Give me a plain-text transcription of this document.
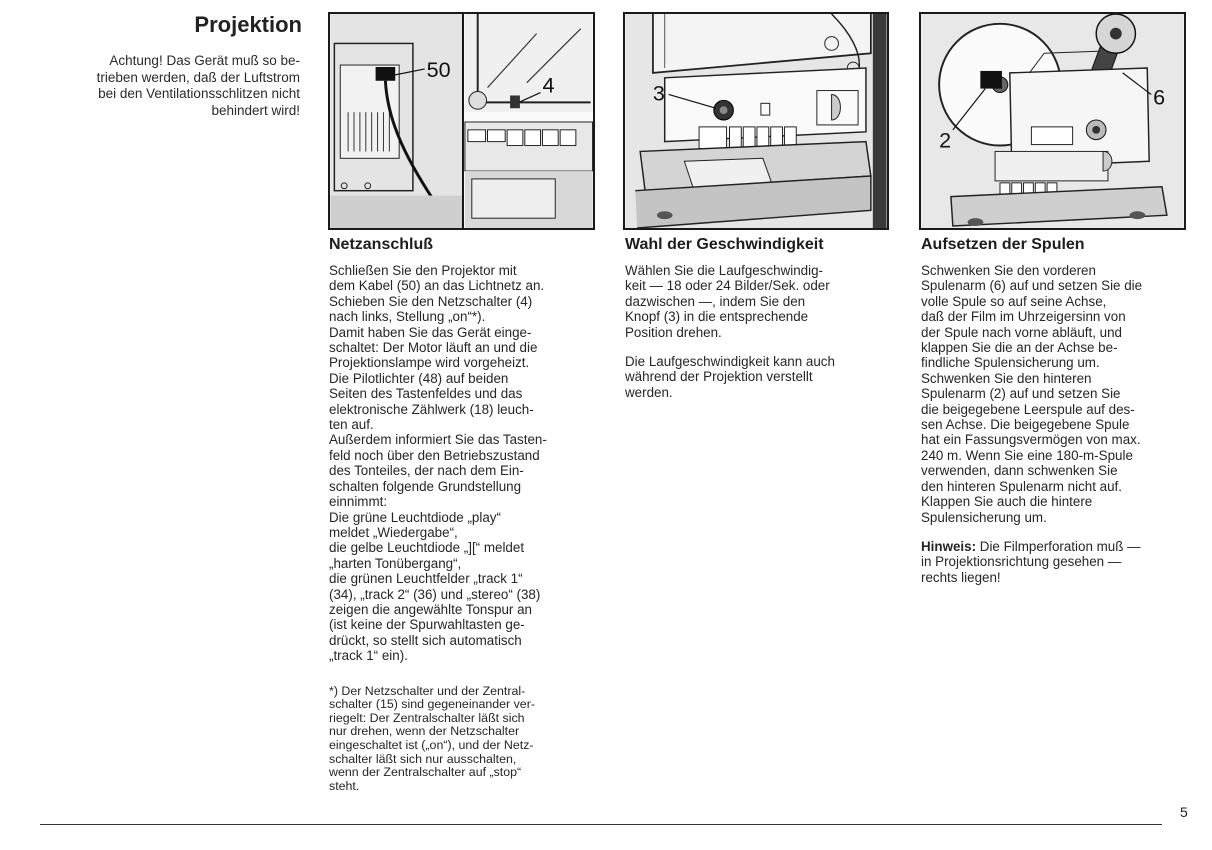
Projektion

Achtung! Das Gerät muß so be-
trieben werden, daß der Luftstrom
bei den Ventilationsschlitzen nicht
behindert wird!

50
4	3	6
2
Netzanschluß

Schließen Sie den Projektor mit
dem Kabel (50) an das Lichtnetz an.
Schieben Sie den Netzschalter (4)
nach links, Stellung „on“*).
Damit haben Sie das Gerät einge-
schaltet: Der Motor läuft an und die
Projektionslampe wird vorgeheizt.
Die Pilotlichter (48) auf beiden
Seiten des Tastenfeldes und das
elektronische Zählwerk (18) leuch-
ten auf.
Außerdem informiert Sie das Tasten-
feld noch über den Betriebszustand
des Tonteiles, der nach dem Ein-
schalten folgende Grundstellung
einnimmt:
Die grüne Leuchtdiode „play“
meldet „Wiedergabe“,
die gelbe Leuchtdiode „][“ meldet
„harten Tonübergang“,
die grünen Leuchtfelder „track 1“
(34), „track 2“ (36) und „stereo“ (38)
zeigen die angewählte Tonspur an
(ist keine der Spurwahltasten ge-
drückt, so stellt sich automatisch
„track 1“ ein).

*) Der Netzschalter und der Zentral-
schalter (15) sind gegeneinander ver-
riegelt: Der Zentralschalter läßt sich
nur drehen, wenn der Netzschalter
eingeschaltet ist („on“), und der Netz-
schalter läßt sich nur ausschalten,
wenn der Zentralschalter auf „stop“
steht.

Wahl der Geschwindigkeit

Wählen Sie die Laufgeschwindig-
keit — 18 oder 24 Bilder/Sek. oder
dazwischen —, indem Sie den
Knopf (3) in die entsprechende
Position drehen.

Die Laufgeschwindigkeit kann auch
während der Projektion verstellt
werden.

Aufsetzen der Spulen

Schwenken Sie den vorderen
Spulenarm (6) auf und setzen Sie die
volle Spule so auf seine Achse,
daß der Film im Uhrzeigersinn von
der Spule nach vorne abläuft, und
klappen Sie die an der Achse be-
findliche Spulensicherung um.
Schwenken Sie den hinteren
Spulenarm (2) auf und setzen Sie
die beigegebene Leerspule auf des-
sen Achse. Die beigegebene Spule
hat ein Fassungsvermögen von max.
240 m. Wenn Sie eine 180-m-Spule
verwenden, dann schwenken Sie
den hinteren Spulenarm nicht auf.
Klappen Sie auch die hintere
Spulensicherung um.

Hinweis: Die Filmperforation muß —
in Projektionsrichtung gesehen —
rechts liegen!

5
